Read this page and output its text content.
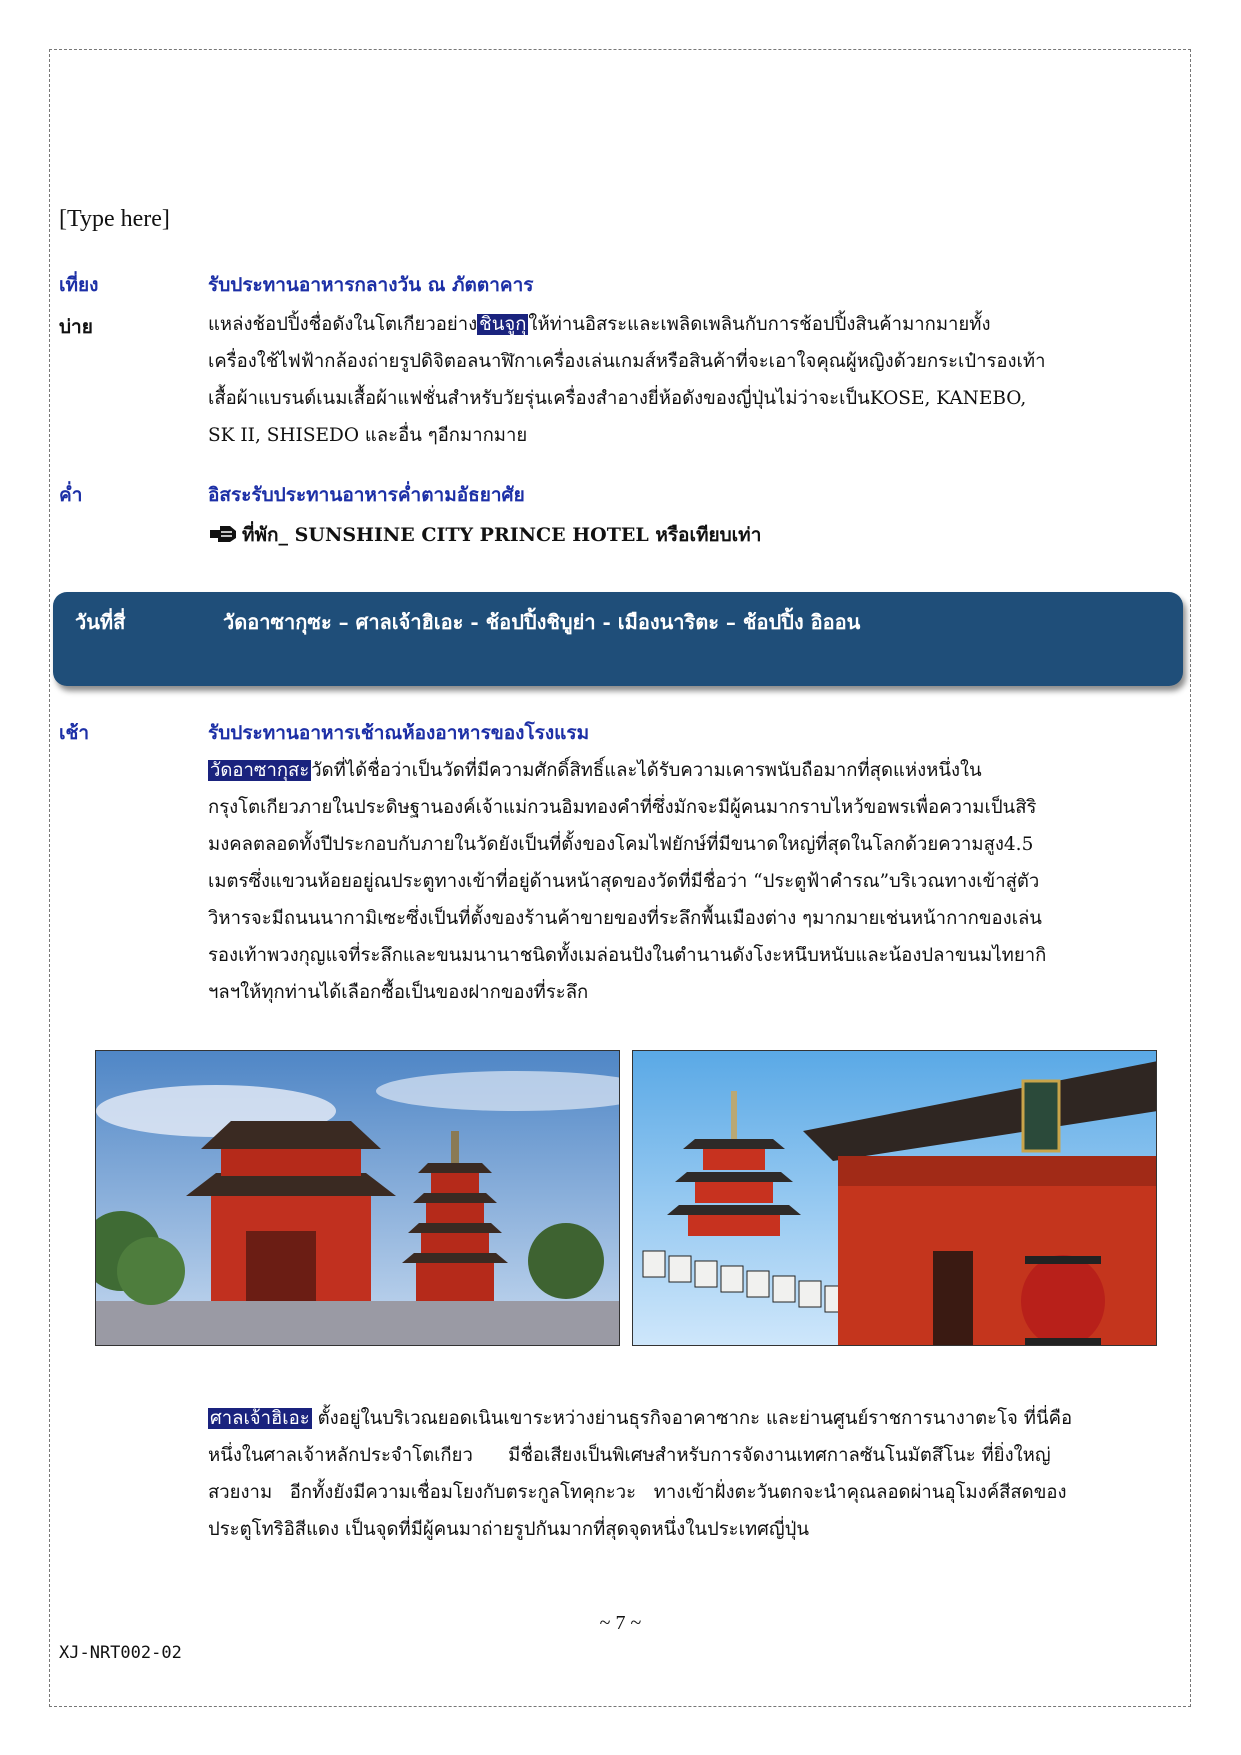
[Type here]
เที่ยง	รับประทานอาหารกลางวัน ณ ภัตตาคาร
บ่าย	แหล่งช้อปปิ้งชื่อดังในโตเกียวอย่าง ชินจูกุ ให้ท่านอิสระและเพลิดเพลินกับการช้อปปิ้งสินค้ามากมายทั้ง
เครื่องใช้ไฟฟ้ากล้องถ่ายรูปดิจิตอลนาฬิกาเครื่องเล่นเกมส์หรือสินค้าที่จะเอาใจคุณผู้หญิงด้วยกระเป๋ารองเท้า
เสื้อผ้าแบรนด์เนมเสื้อผ้าแฟชั่นสำหรับวัยรุ่นเครื่องสำอางยี่ห้อดังของญี่ปุ่นไม่ว่าจะเป็นKOSE, KANEBO,
SK II, SHISEDO และอื่น ๆอีกมากมาย
ค่ำ	อิสระรับประทานอาหารค่ำตามอัธยาศัย
ที่พัก_ SUNSHINE CITY PRINCE HOTEL หรือเทียบเท่า
วันที่สี่	วัดอาซากุซะ – ศาลเจ้าฮิเอะ - ช้อปปิ้งชิบูย่า - เมืองนาริตะ – ช้อปปิ้ง อิออน
เช้า	รับประทานอาหารเช้าณห้องอาหารของโรงแรม
วัดอาซากุสะ วัดที่ได้ชื่อว่าเป็นวัดที่มีความศักดิ์สิทธิ์และได้รับความเคารพนับถือมากที่สุดแห่งหนึ่งใน
กรุงโตเกียวภายในประดิษฐานองค์เจ้าแม่กวนอิมทองคำที่ซึ่งมักจะมีผู้คนมากราบไหว้ขอพรเพื่อความเป็นสิริ
มงคลตลอดทั้งปีประกอบกับภายในวัดยังเป็นที่ตั้งของโคมไฟยักษ์ที่มีขนาดใหญ่ที่สุดในโลกด้วยความสูง4.5
เมตรซึ่งแขวนห้อยอยู่ณประตูทางเข้าที่อยู่ด้านหน้าสุดของวัดที่มีชื่อว่า “ประตูฟ้าคำรณ”บริเวณทางเข้าสู่ตัว
วิหารจะมีถนนนากามิเซะซึ่งเป็นที่ตั้งของร้านค้าขายของที่ระลึกพื้นเมืองต่าง ๆมากมายเช่นหน้ากากของเล่น
รองเท้าพวงกุญแจที่ระลึกและขนมนานาชนิดทั้งเมล่อนปังในตำนานดังโงะหนึบหนับและน้องปลาขนมไทยากิ
ฯลฯให้ทุกท่านได้เลือกซื้อเป็นของฝากของที่ระลึก
ศาลเจ้าฮิเอะ ตั้งอยู่ในบริเวณยอดเนินเขาระหว่างย่านธุรกิจอาคาซากะ และย่านศูนย์ราชการนางาตะโจ ที่นี่คือ
หนึ่งในศาลเจ้าหลักประจำโตเกียว      มีชื่อเสียงเป็นพิเศษสำหรับการจัดงานเทศกาลซันโนมัตสึโนะ ที่ยิ่งใหญ่
สวยงาม   อีกทั้งยังมีความเชื่อมโยงกับตระกูลโทคุกะวะ   ทางเข้าฝั่งตะวันตกจะนำคุณลอดผ่านอุโมงค์สีสดของ
ประตูโทริอิสีแดง เป็นจุดที่มีผู้คนมาถ่ายรูปกันมากที่สุดจุดหนึ่งในประเทศญี่ปุ่น
~ 7 ~
XJ-NRT002-02
